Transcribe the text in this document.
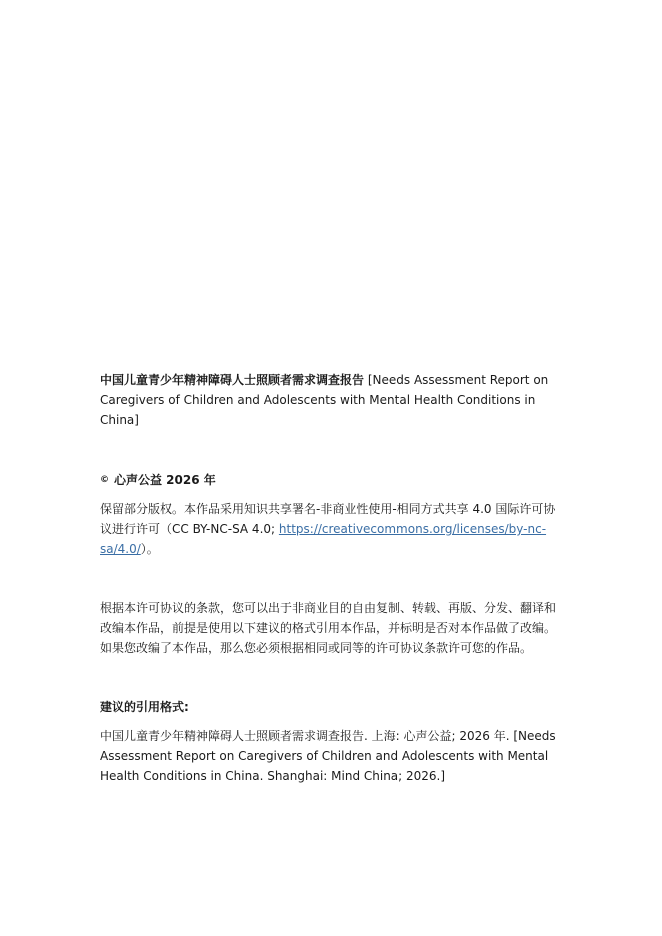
中国儿童青少年精神障碍人士照顾者需求调查报告 [Needs Assessment Report on Caregivers of Children and Adolescents with Mental Health Conditions in China]

© 心声公益 2026 年

保留部分版权。本作品采用知识共享署名-非商业性使用-相同方式共享 4.0 国际许可协议进行许可（CC BY-NC-SA 4.0; https://creativecommons.org/licenses/by-nc-sa/4.0/）。

根据本许可协议的条款，您可以出于非商业目的自由复制、转载、再版、分发、翻译和改编本作品，前提是使用以下建议的格式引用本作品，并标明是否对本作品做了改编。如果您改编了本作品，那么您必须根据相同或同等的许可协议条款许可您的作品。

建议的引用格式:

中国儿童青少年精神障碍人士照顾者需求调查报告. 上海: 心声公益; 2026 年. [Needs Assessment Report on Caregivers of Children and Adolescents with Mental Health Conditions in China. Shanghai: Mind China; 2026.]
